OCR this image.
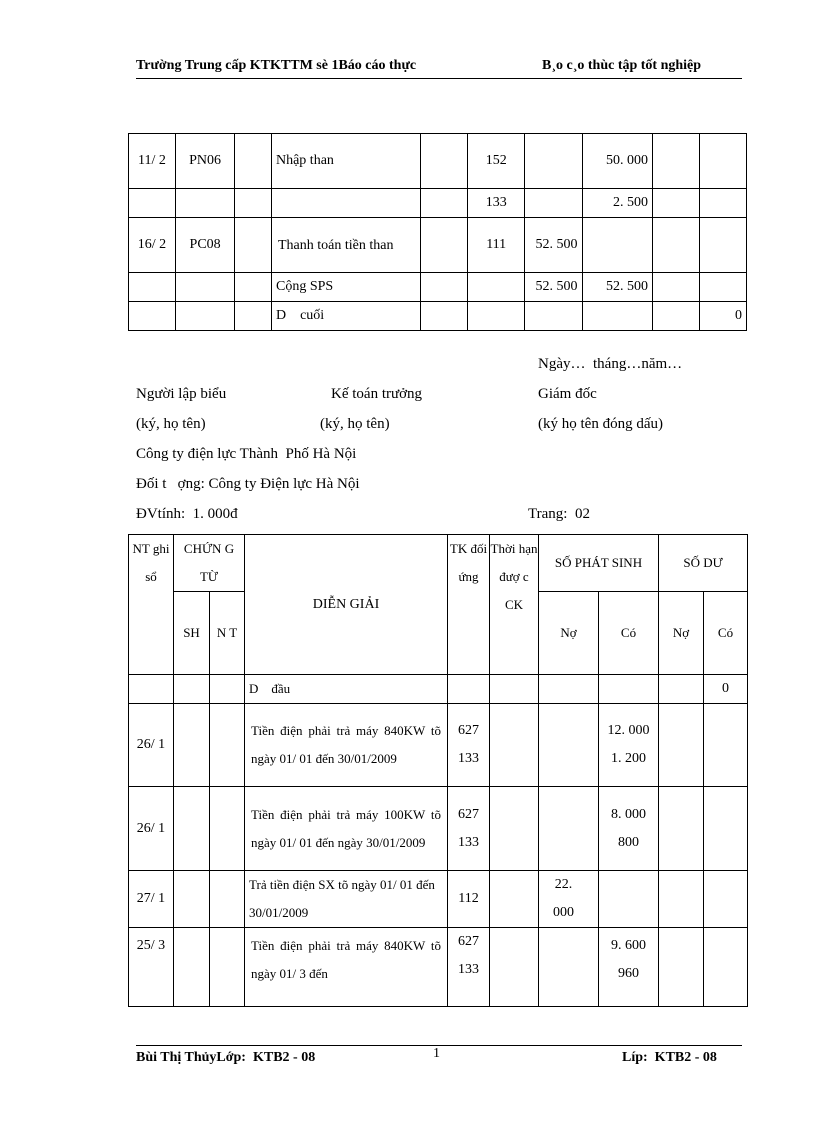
Trường Trung cấp KTKTTM sè 1Báo cáo thực	B¸o c¸o thùc tập tốt nghiệp
11/ 2	PN06		Nhập than		152		50. 000		
					133		2. 500		
16/ 2	PC08		Thanh toán tiền than		111	52. 500			
			Cộng SPS			52. 500	52. 500		
			D    cuối						0
Ngày…  tháng…năm…
Người lập biểu	Kế toán trưởng	Giám đốc
(ký, họ tên)	(ký, họ tên)	(ký họ tên đóng dấu)
Công ty điện lực Thành  Phố Hà Nội
Đối t   ợng: Công ty Điện lực Hà Nội
ĐVtính:  1. 000đ	Trang:  02
NT ghi sổ	CHỨN G TỪ		DIỄN GIẢI	TK đối ứng	Thời hạn đượ c CK	SỐ PHÁT SINH		SỐ DƯ	
	SH	N T				Nợ	Có	Nợ	Có
			D    đầu						0
26/ 1			Tiền điện phải trả máy 840KW tõ ngày 01/ 01 đến 30/01/2009	627 133			12. 000 1. 200		
26/ 1			Tiền điện phải trả máy 100KW tõ ngày 01/ 01 đến ngày 30/01/2009	627 133			8. 000 800		
27/ 1			Trả tiền điện SX tõ ngày 01/ 01 đến 30/01/2009	112		22. 000			
25/ 3			Tiền điện phải trả máy 840KW tõ ngày 01/ 3 đến	627 133			9. 600 960		
Bùi Thị ThủyLớp:  KTB2 - 08	1	Líp:  KTB2 - 08
